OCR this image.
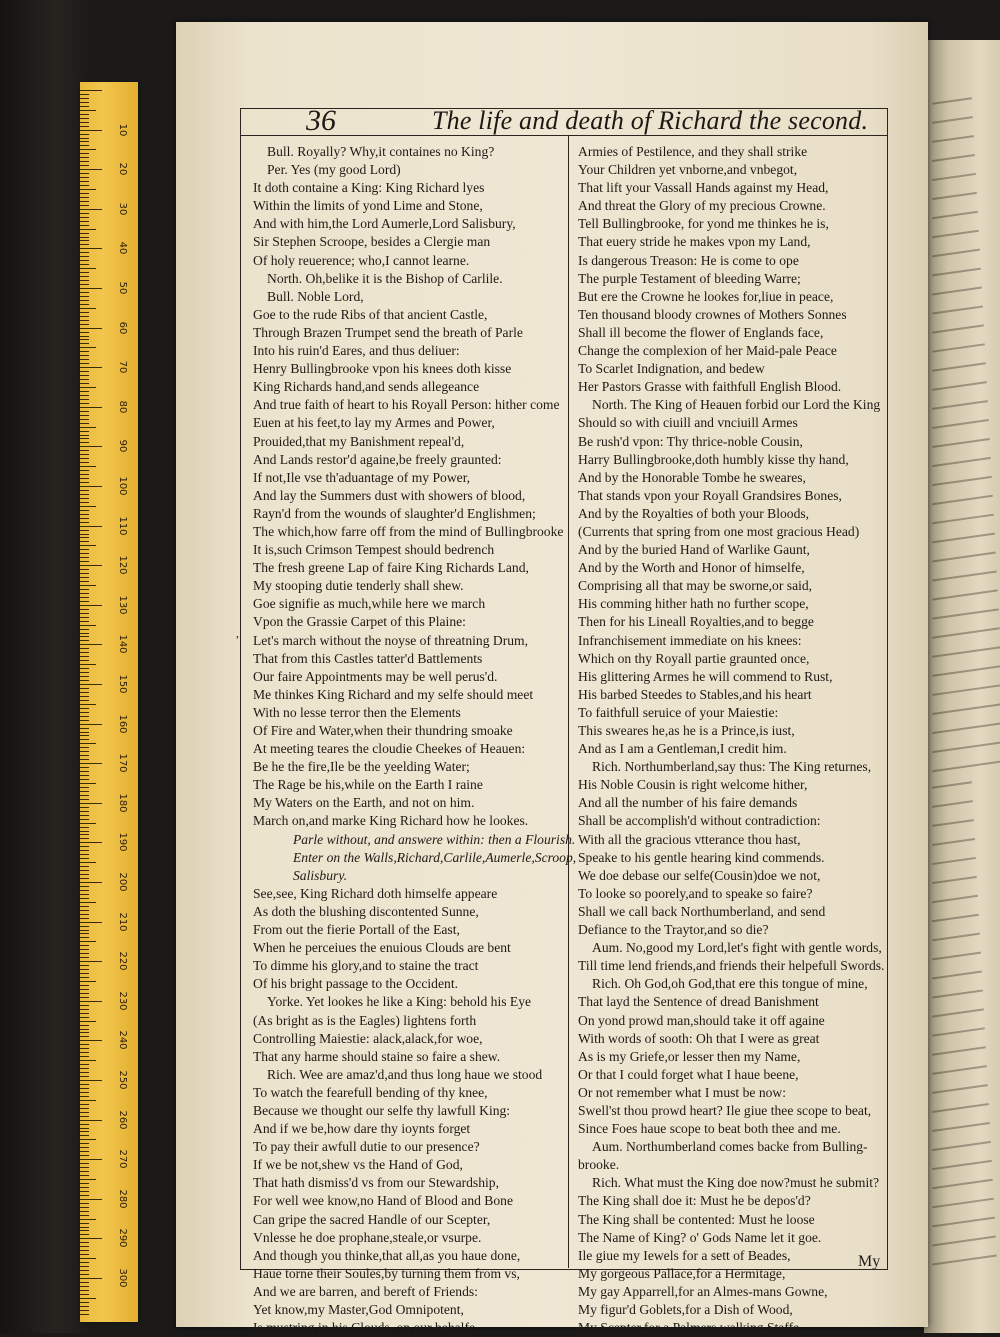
10
20
30
40
50
60
70
80
90
100
110
120
130
140
150
160
170
180
190
200
210
220
230
240
250
260
270
280
290
300

36	The life and death of Richard the second.

Bull. Royally? Why,it containes no King?
Per. Yes (my good Lord)
It doth containe a King: King Richard lyes
Within the limits of yond Lime and Stone,
And with him,the Lord Aumerle,Lord Salisbury,
Sir Stephen Scroope, besides a Clergie man
Of holy reuerence; who,I cannot learne.
North. Oh,belike it is the Bishop of Carlile.
Bull. Noble Lord,
Goe to the rude Ribs of that ancient Castle,
Through Brazen Trumpet send the breath of Parle
Into his ruin'd Eares, and thus deliuer:
Henry Bullingbrooke vpon his knees doth kisse
King Richards hand,and sends allegeance
And true faith of heart to his Royall Person: hither come
Euen at his feet,to lay my Armes and Power,
Prouided,that my Banishment repeal'd,
And Lands restor'd againe,be freely graunted:
If not,Ile vse th'aduantage of my Power,
And lay the Summers dust with showers of blood,
Rayn'd from the wounds of slaughter'd Englishmen;
The which,how farre off from the mind of Bullingbrooke
It is,such Crimson Tempest should bedrench
The fresh greene Lap of faire King Richards Land,
My stooping dutie tenderly shall shew.
Goe signifie as much,while here we march
Vpon the Grassie Carpet of this Plaine:
Let's march without the noyse of threatning Drum,
That from this Castles tatter'd Battlements
Our faire Appointments may be well perus'd.
Me thinkes King Richard and my selfe should meet
With no lesse terror then the Elements
Of Fire and Water,when their thundring smoake
At meeting teares the cloudie Cheekes of Heauen:
Be he the fire,Ile be the yeelding Water;
The Rage be his,while on the Earth I raine
My Waters on the Earth, and not on him.
March on,and marke King Richard how he lookes.
Parle without, and answere within: then a Flourish.
Enter on the Walls,Richard,Carlile,Aumerle,Scroop,
Salisbury.
See,see, King Richard doth himselfe appeare
As doth the blushing discontented Sunne,
From out the fierie Portall of the East,
When he perceiues the enuious Clouds are bent
To dimme his glory,and to staine the tract
Of his bright passage to the Occident.
Yorke. Yet lookes he like a King: behold his Eye
(As bright as is the Eagles) lightens forth
Controlling Maiestie: alack,alack,for woe,
That any harme should staine so faire a shew.
Rich. Wee are amaz'd,and thus long haue we stood
To watch the fearefull bending of thy knee,
Because we thought our selfe thy lawfull King:
And if we be,how dare thy ioynts forget
To pay their awfull dutie to our presence?
If we be not,shew vs the Hand of God,
That hath dismiss'd vs from our Stewardship,
For well wee know,no Hand of Blood and Bone
Can gripe the sacred Handle of our Scepter,
Vnlesse he doe prophane,steale,or vsurpe.
And though you thinke,that all,as you haue done,
Haue torne their Soules,by turning them from vs,
And we are barren, and bereft of Friends:
Yet know,my Master,God Omnipotent,
Is mustring in his Clouds, on our behalfe,
Armies of Pestilence, and they shall strike
Your Children yet vnborne,and vnbegot,
That lift your Vassall Hands against my Head,
And threat the Glory of my precious Crowne.
Tell Bullingbrooke, for yond me thinkes he is,
That euery stride he makes vpon my Land,
Is dangerous Treason: He is come to ope
The purple Testament of bleeding Warre;
But ere the Crowne he lookes for,liue in peace,
Ten thousand bloody crownes of Mothers Sonnes
Shall ill become the flower of Englands face,
Change the complexion of her Maid-pale Peace
To Scarlet Indignation, and bedew
Her Pastors Grasse with faithfull English Blood.
North. The King of Heauen forbid our Lord the King
Should so with ciuill and vnciuill Armes
Be rush'd vpon: Thy thrice-noble Cousin,
Harry Bullingbrooke,doth humbly kisse thy hand,
And by the Honorable Tombe he sweares,
That stands vpon your Royall Grandsires Bones,
And by the Royalties of both your Bloods,
(Currents that spring from one most gracious Head)
And by the buried Hand of Warlike Gaunt,
And by the Worth and Honor of himselfe,
Comprising all that may be sworne,or said,
His comming hither hath no further scope,
Then for his Lineall Royalties,and to begge
Infranchisement immediate on his knees:
Which on thy Royall partie graunted once,
His glittering Armes he will commend to Rust,
His barbed Steedes to Stables,and his heart
To faithfull seruice of your Maiestie:
This sweares he,as he is a Prince,is iust,
And as I am a Gentleman,I credit him.
Rich. Northumberland,say thus: The King returnes,
His Noble Cousin is right welcome hither,
And all the number of his faire demands
Shall be accomplish'd without contradiction:
With all the gracious vtterance thou hast,
Speake to his gentle hearing kind commends.
We doe debase our selfe(Cousin)doe we not,
To looke so poorely,and to speake so faire?
Shall we call back Northumberland, and send
Defiance to the Traytor,and so die?
Aum. No,good my Lord,let's fight with gentle words,
Till time lend friends,and friends their helpefull Swords.
Rich. Oh God,oh God,that ere this tongue of mine,
That layd the Sentence of dread Banishment
On yond prowd man,should take it off againe
With words of sooth: Oh that I were as great
As is my Griefe,or lesser then my Name,
Or that I could forget what I haue beene,
Or not remember what I must be now:
Swell'st thou prowd heart? Ile giue thee scope to beat,
Since Foes haue scope to beat both thee and me.
Aum. Northumberland comes backe from Bulling-
brooke.
Rich. What must the King doe now?must he submit?
The King shall doe it: Must he be depos'd?
The King shall be contented: Must he loose
The Name of King? o' Gods Name let it goe.
Ile giue my Iewels for a sett of Beades,
My gorgeous Pallace,for a Hermitage,
My gay Apparrell,for an Almes-mans Gowne,
My figur'd Goblets,for a Dish of Wood,
My Scepter,for a Palmers walking Staffe,
,

My
